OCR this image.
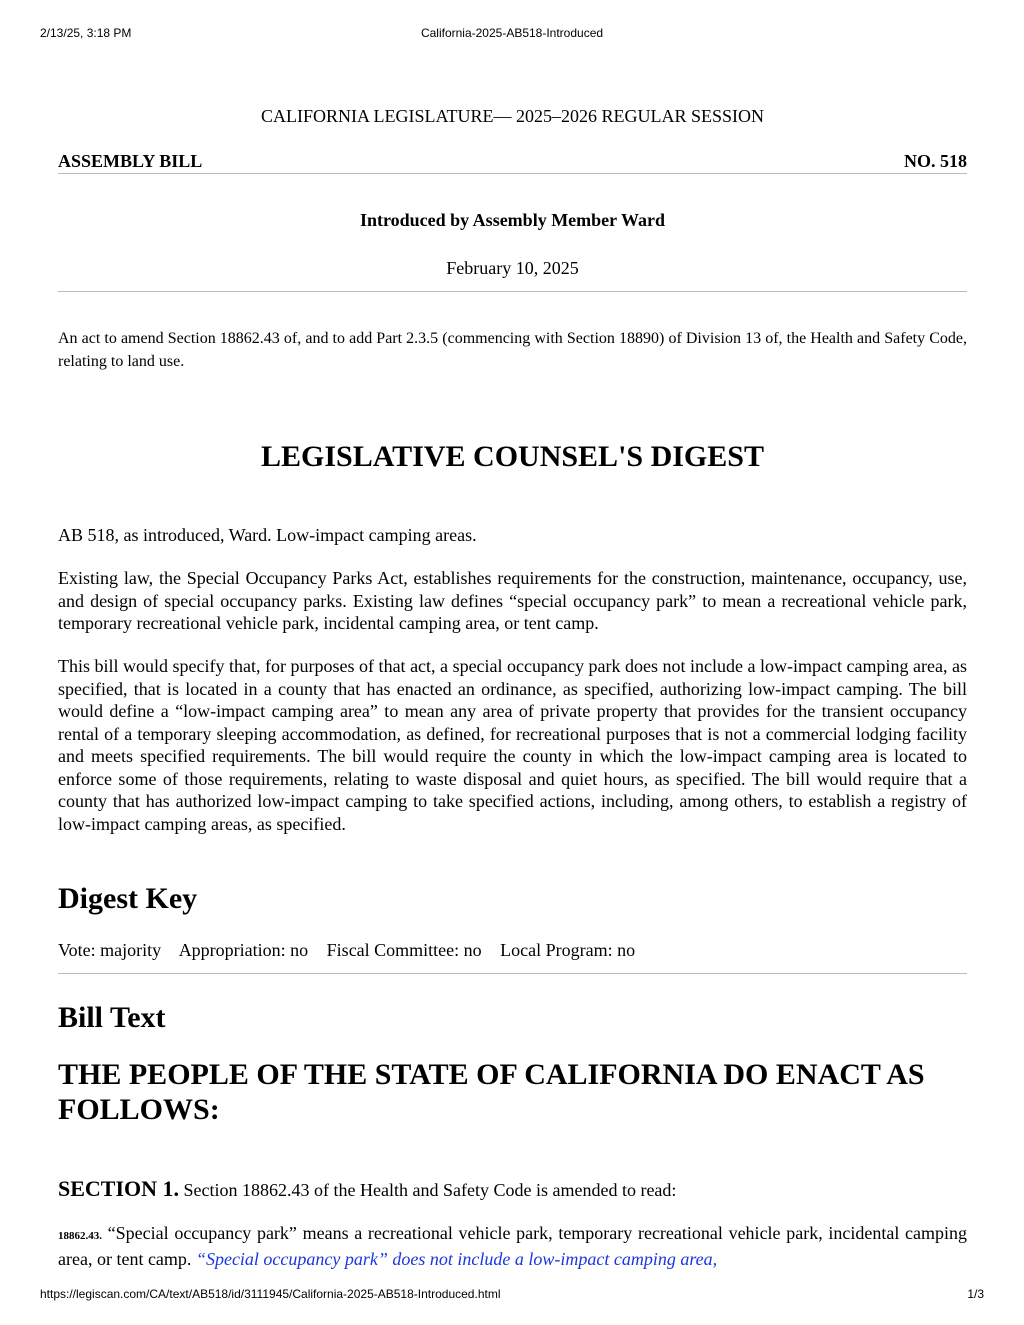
2/13/25, 3:18 PM	California-2025-AB518-Introduced
CALIFORNIA LEGISLATURE— 2025–2026 REGULAR SESSION
ASSEMBLY BILL	NO. 518
Introduced by Assembly Member Ward
February 10, 2025

An act to amend Section 18862.43 of, and to add Part 2.3.5 (commencing with Section 18890) of Division 13 of, the Health and Safety Code, relating to land use.

LEGISLATIVE COUNSEL'S DIGEST

AB 518, as introduced, Ward. Low-impact camping areas.

Existing law, the Special Occupancy Parks Act, establishes requirements for the construction, maintenance, occupancy, use, and design of special occupancy parks. Existing law defines “special occupancy park” to mean a recreational vehicle park, temporary recreational vehicle park, incidental camping area, or tent camp.

This bill would specify that, for purposes of that act, a special occupancy park does not include a low-impact camping area, as specified, that is located in a county that has enacted an ordinance, as specified, authorizing low-impact camping. The bill would define a “low-impact camping area” to mean any area of private property that provides for the transient occupancy rental of a temporary sleeping accommodation, as defined, for recreational purposes that is not a commercial lodging facility and meets specified requirements. The bill would require the county in which the low-impact camping area is located to enforce some of those requirements, relating to waste disposal and quiet hours, as specified. The bill would require that a county that has authorized low-impact camping to take specified actions, including, among others, to establish a registry of low-impact camping areas, as specified.

Digest Key
Vote: majority Appropriation: no Fiscal Committee: no Local Program: no
Bill Text
THE PEOPLE OF THE STATE OF CALIFORNIA DO ENACT AS FOLLOWS:
SECTION 1. Section 18862.43 of the Health and Safety Code is amended to read:

18862.43. “Special occupancy park” means a recreational vehicle park, temporary recreational vehicle park, incidental camping area, or tent camp. “Special occupancy park” does not include a low-impact camping area,

https://legiscan.com/CA/text/AB518/id/3111945/California-2025-AB518-Introduced.html	1/3
